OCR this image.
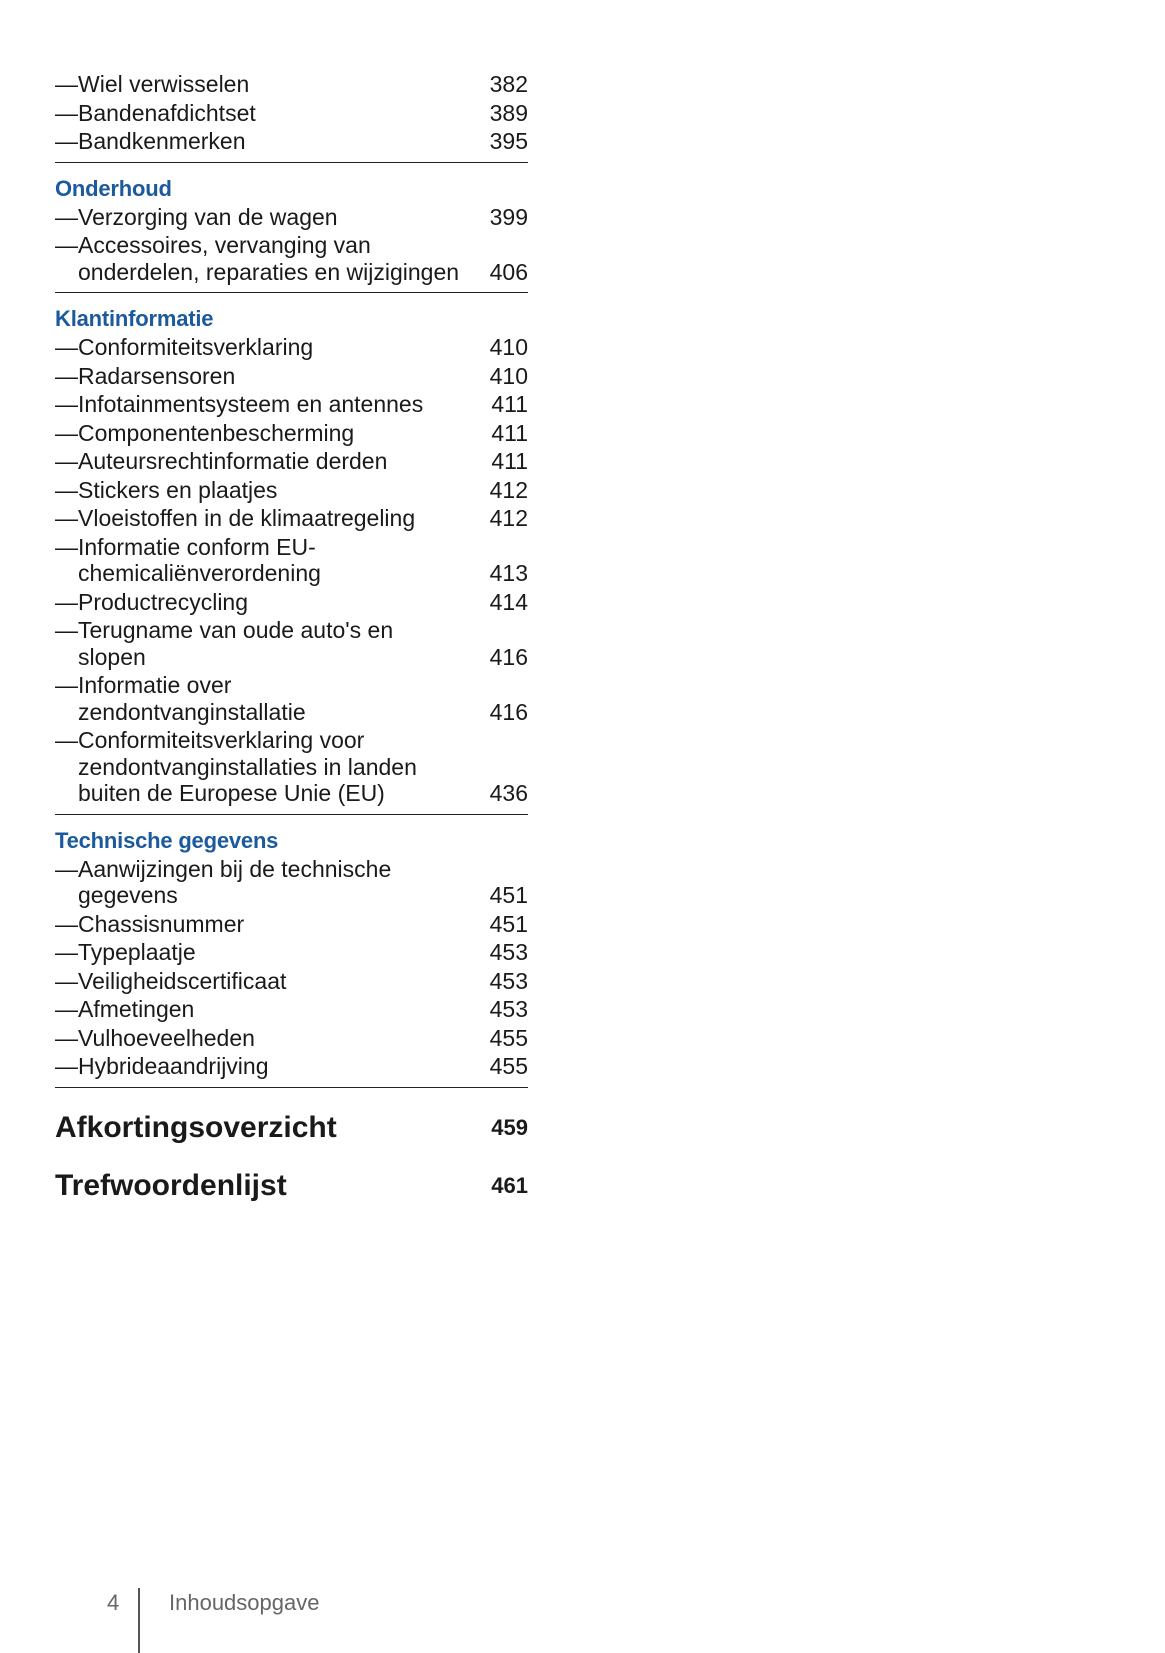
— Wiel verwisselen	382
— Bandenafdichtset	389
— Bandkenmerken	395
Onderhoud
— Verzorging van de wagen	399
— Accessoires, vervanging van
onderdelen, reparaties en wijzigingen	406
Klantinformatie
— Conformiteitsverklaring	410
— Radarsensoren	410
— Infotainmentsysteem en antennes	411
— Componentenbescherming	411
— Auteursrechtinformatie derden	411
— Stickers en plaatjes	412
— Vloeistoffen in de klimaatregeling	412
— Informatie conform EU-
chemicaliënverordening	413
— Productrecycling	414
— Terugname van oude auto's en
slopen	416
— Informatie over
zendontvanginstallatie	416
— Conformiteitsverklaring voor
zendontvanginstallaties in landen
buiten de Europese Unie (EU)	436
Technische gegevens
— Aanwijzingen bij de technische
gegevens	451
— Chassisnummer	451
— Typeplaatje	453
— Veiligheidscertificaat	453
— Afmetingen	453
— Vulhoeveelheden	455
— Hybrideaandrijving	455
Afkortingsoverzicht	459
Trefwoordenlijst	461
4 Inhoudsopgave
